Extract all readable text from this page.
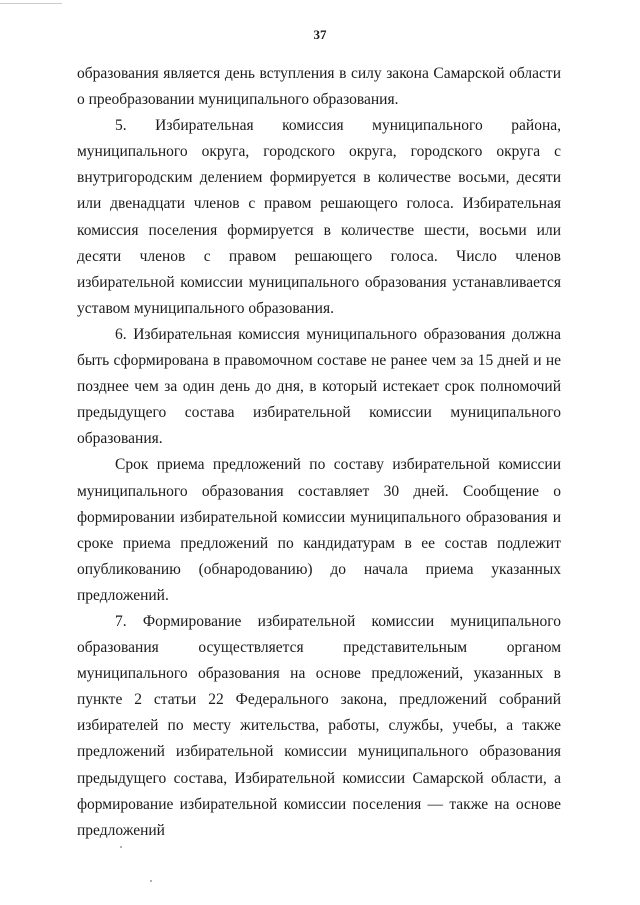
37

образования является день вступления в силу закона Самарской области о преобразовании муниципального образования.

5. Избирательная комиссия муниципального района, муниципального округа, городского округа, городского округа с внутригородским делением формируется в количестве восьми, десяти или двенадцати членов с правом решающего голоса. Избирательная комиссия поселения формируется в количестве шести, восьми или десяти членов с правом решающего голоса. Число членов избирательной комиссии муниципального образования устанавливается уставом муниципального образования.

6. Избирательная комиссия муниципального образования должна быть сформирована в правомочном составе не ранее чем за 15 дней и не позднее чем за один день до дня, в который истекает срок полномочий предыдущего состава избирательной комиссии муниципального образования.

Срок приема предложений по составу избирательной комиссии муниципального образования составляет 30 дней. Сообщение о формировании избирательной комиссии муниципального образования и сроке приема предложений по кандидатурам в ее состав подлежит опубликованию (обнародованию) до начала приема указанных предложений.

7. Формирование избирательной комиссии муниципального образования осуществляется представительным органом муниципального образования на основе предложений, указанных в пункте 2 статьи 22 Федерального закона, предложений собраний избирателей по месту жительства, работы, службы, учебы, а также предложений избирательной комиссии муниципального образования предыдущего состава, Избирательной комиссии Самарской области, а формирование избирательной комиссии поселения — также на основе предложений
